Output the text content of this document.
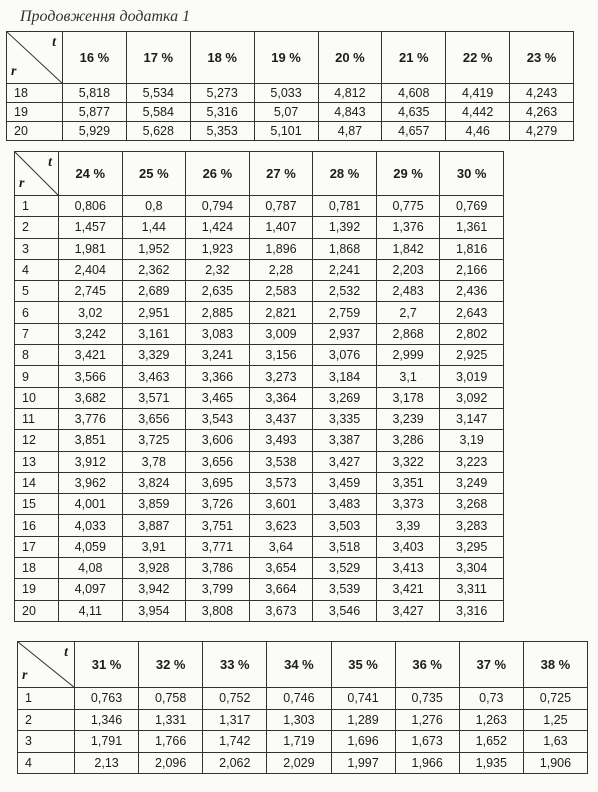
Продовження додатка 1
t
r	16 %	17 %	18 %	19 %	20 %	21 %	22 %	23 %
18	5,818	5,534	5,273	5,033	4,812	4,608	4,419	4,243
19	5,877	5,584	5,316	5,07	4,843	4,635	4,442	4,263
20	5,929	5,628	5,353	5,101	4,87	4,657	4,46	4,279
t
r	24 %	25 %	26 %	27 %	28 %	29 %	30 %
1	0,806	0,8	0,794	0,787	0,781	0,775	0,769
2	1,457	1,44	1,424	1,407	1,392	1,376	1,361
3	1,981	1,952	1,923	1,896	1,868	1,842	1,816
4	2,404	2,362	2,32	2,28	2,241	2,203	2,166
5	2,745	2,689	2,635	2,583	2,532	2,483	2,436
6	3,02	2,951	2,885	2,821	2,759	2,7	2,643
7	3,242	3,161	3,083	3,009	2,937	2,868	2,802
8	3,421	3,329	3,241	3,156	3,076	2,999	2,925
9	3,566	3,463	3,366	3,273	3,184	3,1	3,019
10	3,682	3,571	3,465	3,364	3,269	3,178	3,092
11	3,776	3,656	3,543	3,437	3,335	3,239	3,147
12	3,851	3,725	3,606	3,493	3,387	3,286	3,19
13	3,912	3,78	3,656	3,538	3,427	3,322	3,223
14	3,962	3,824	3,695	3,573	3,459	3,351	3,249
15	4,001	3,859	3,726	3,601	3,483	3,373	3,268
16	4,033	3,887	3,751	3,623	3,503	3,39	3,283
17	4,059	3,91	3,771	3,64	3,518	3,403	3,295
18	4,08	3,928	3,786	3,654	3,529	3,413	3,304
19	4,097	3,942	3,799	3,664	3,539	3,421	3,311
20	4,11	3,954	3,808	3,673	3,546	3,427	3,316
t
r	31 %	32 %	33 %	34 %	35 %	36 %	37 %	38 %
1	0,763	0,758	0,752	0,746	0,741	0,735	0,73	0,725
2	1,346	1,331	1,317	1,303	1,289	1,276	1,263	1,25
3	1,791	1,766	1,742	1,719	1,696	1,673	1,652	1,63
4	2,13	2,096	2,062	2,029	1,997	1,966	1,935	1,906
